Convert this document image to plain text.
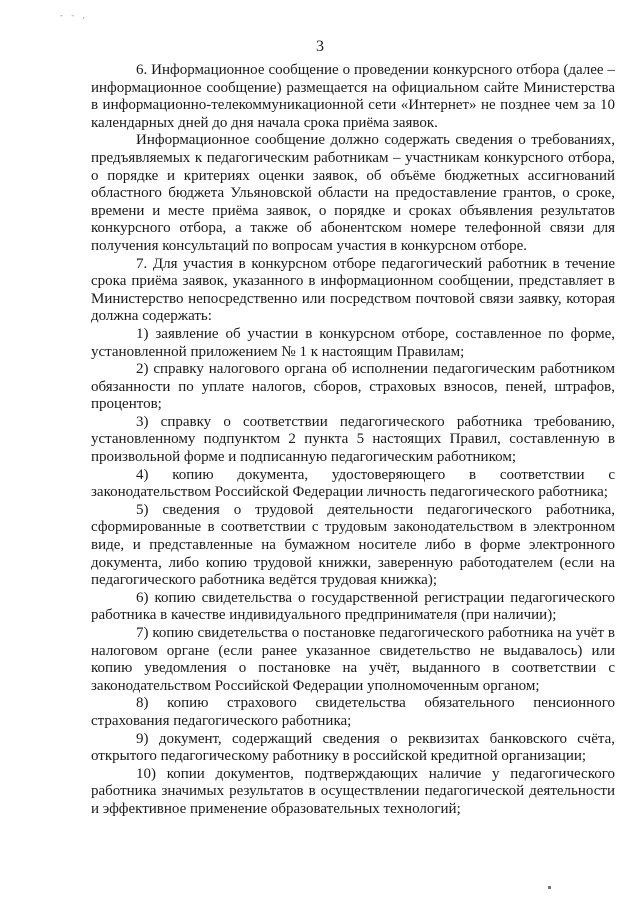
- - ,
3

6. Информационное сообщение о проведении конкурсного отбора (далее – информационное сообщение) размещается на официальном сайте Министерства в информационно-телекоммуникационной сети «Интернет» не позднее чем за 10 календарных дней до дня начала срока приёма заявок.

Информационное сообщение должно содержать сведения о требованиях, предъявляемых к педагогическим работникам – участникам конкурсного отбора, о порядке и критериях оценки заявок, об объёме бюджетных ассигнований областного бюджета Ульяновской области на предоставление грантов, о сроке, времени и месте приёма заявок, о порядке и сроках объявления результатов конкурсного отбора, а также об абонентском номере телефонной связи для получения консультаций по вопросам участия в конкурсном отборе.

7. Для участия в конкурсном отборе педагогический работник в течение срока приёма заявок, указанного в информационном сообщении, представляет в Министерство непосредственно или посредством почтовой связи заявку, которая должна содержать:

1) заявление об участии в конкурсном отборе, составленное по форме, установленной приложением № 1 к настоящим Правилам;

2) справку налогового органа об исполнении педагогическим работником обязанности по уплате налогов, сборов, страховых взносов, пеней, штрафов, процентов;

3) справку о соответствии педагогического работника требованию, установленному подпунктом 2 пункта 5 настоящих Правил, составленную в произвольной форме и подписанную педагогическим работником;

4) копию документа, удостоверяющего в соответствии с законодательством Российской Федерации личность педагогического работника;

5) сведения о трудовой деятельности педагогического работника, сформированные в соответствии с трудовым законодательством в электронном виде, и представленные на бумажном носителе либо в форме электронного документа, либо копию трудовой книжки, заверенную работодателем (если на педагогического работника ведётся трудовая книжка);

6) копию свидетельства о государственной регистрации педагогического работника в качестве индивидуального предпринимателя (при наличии);

7) копию свидетельства о постановке педагогического работника на учёт в налоговом органе (если ранее указанное свидетельство не выдавалось) или копию уведомления о постановке на учёт, выданного в соответствии с законодательством Российской Федерации уполномоченным органом;

8) копию страхового свидетельства обязательного пенсионного страхования педагогического работника;

9) документ, содержащий сведения о реквизитах банковского счёта, открытого педагогическому работнику в российской кредитной организации;

10) копии документов, подтверждающих наличие у педагогического работника значимых результатов в осуществлении педагогической деятельности и эффективное применение образовательных технологий;
